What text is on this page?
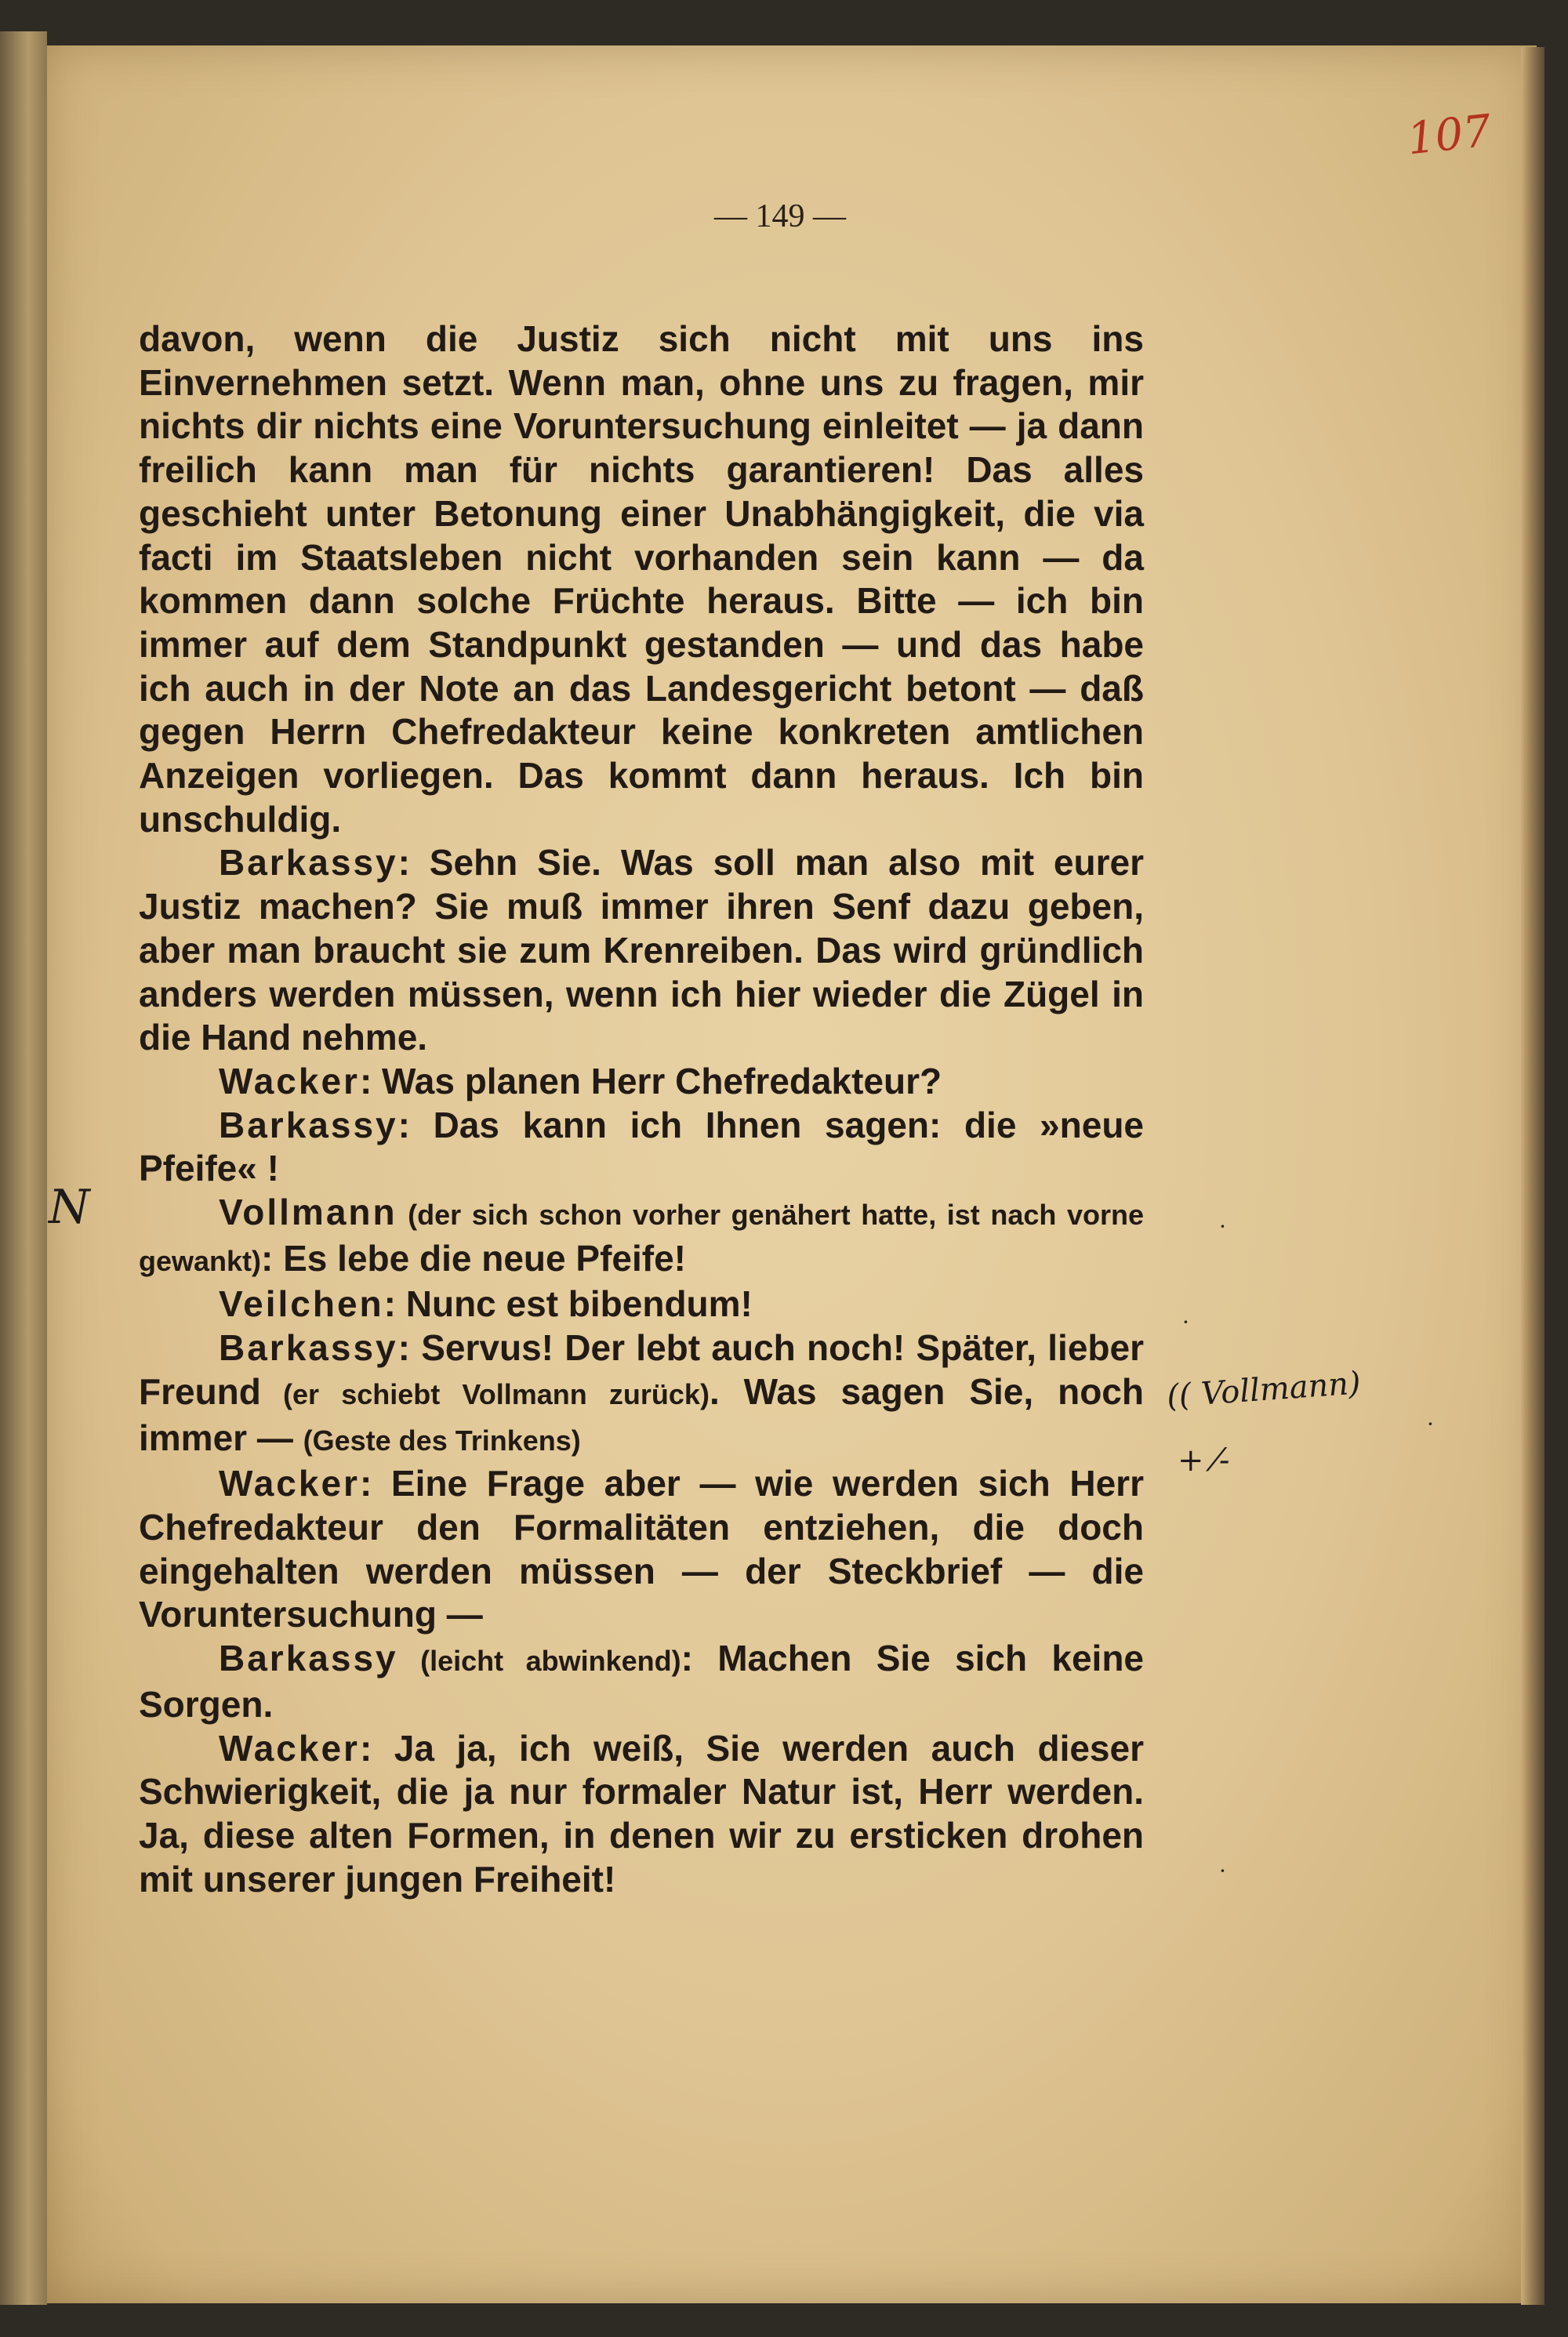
107
— 149 —

davon, wenn die Justiz sich nicht mit uns ins Einvernehmen setzt. Wenn man, ohne uns zu fragen, mir nichts dir nichts eine Voruntersuchung einleitet — ja dann freilich kann man für nichts garantieren! Das alles geschieht unter Betonung einer Unabhängigkeit, die via facti im Staatsleben nicht vorhanden sein kann — da kommen dann solche Früchte heraus. Bitte — ich bin immer auf dem Standpunkt gestanden — und das habe ich auch in der Note an das Landesgericht betont — daß gegen Herrn Chefredakteur keine konkreten amtlichen Anzeigen vorliegen. Das kommt dann heraus. Ich bin unschuldig.

Barkassy: Sehn Sie. Was soll man also mit eurer Justiz machen? Sie muß immer ihren Senf dazu geben, aber man braucht sie zum Krenreiben. Das wird gründlich anders werden müssen, wenn ich hier wieder die Zügel in die Hand nehme.

Wacker: Was planen Herr Chefredakteur?

Barkassy: Das kann ich Ihnen sagen: die »neue Pfeife« !

Vollmann (der sich schon vorher genähert hatte, ist nach vorne gewankt): Es lebe die neue Pfeife!

Veilchen: Nunc est bibendum!

Barkassy: Servus! Der lebt auch noch! Später, lieber Freund (er schiebt Vollmann zurück). Was sagen Sie, noch immer — (Geste des Trinkens)

Wacker: Eine Frage aber — wie werden sich Herr Chefredakteur den Formalitäten entziehen, die doch eingehalten werden müssen — der Steckbrief — die Voruntersuchung —

Barkassy (leicht abwinkend): Machen Sie sich keine Sorgen.

Wacker: Ja ja, ich weiß, Sie werden auch dieser Schwierigkeit, die ja nur formaler Natur ist, Herr werden. Ja, diese alten Formen, in denen wir zu ersticken drohen mit unserer jungen Freiheit!

N
(( Vollmann)
+ ⁄‑
·
·
·
·
